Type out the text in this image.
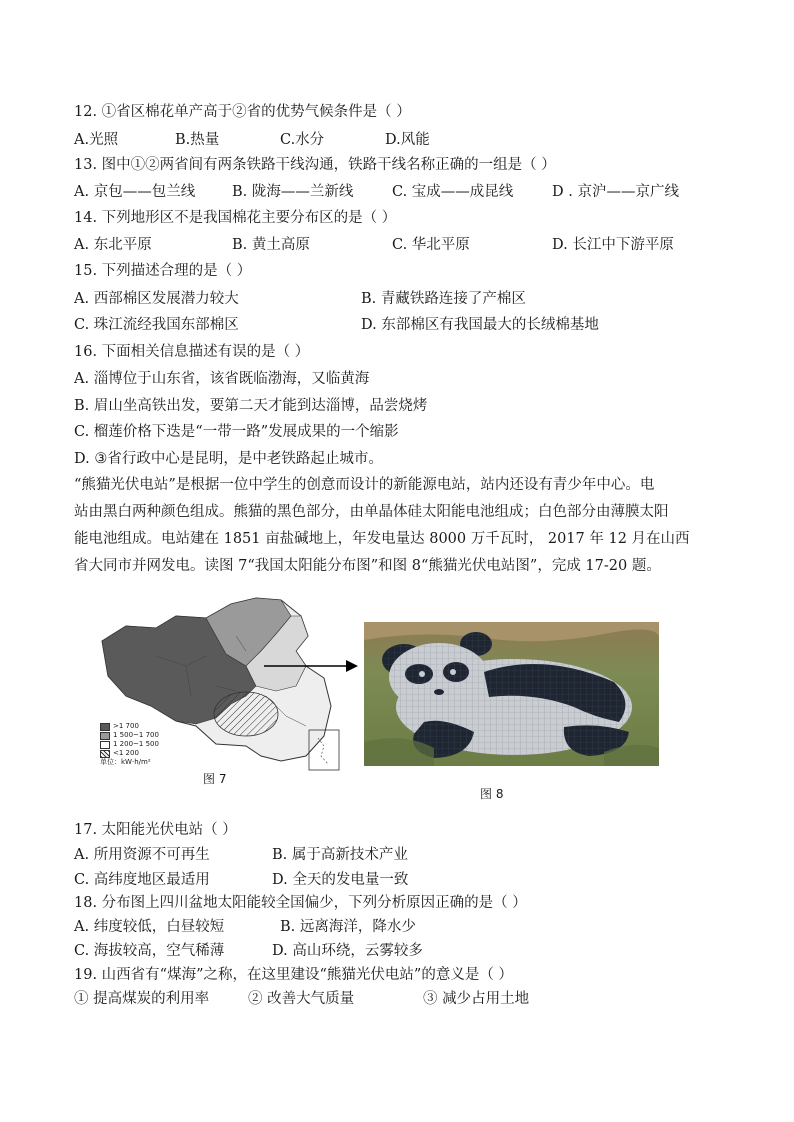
12. ①省区棉花单产高于②省的优势气候条件是（ ）
A.光照	B.热量	C.水分	D.风能
13. 图中①②两省间有两条铁路干线沟通，铁路干线名称正确的一组是（ ）
A. 京包——包兰线	B. 陇海——兰新线	C. 宝成——成昆线	D . 京沪——京广线
14. 下列地形区不是我国棉花主要分布区的是（ ）
A. 东北平原	B. 黄土高原	C. 华北平原	D. 长江中下游平原
15. 下列描述合理的是（ ）
A. 西部棉区发展潜力较大	B. 青藏铁路连接了产棉区
C. 珠江流经我国东部棉区	D. 东部棉区有我国最大的长绒棉基地
16. 下面相关信息描述有误的是（ ）
A. 淄博位于山东省，该省既临渤海，又临黄海
B. 眉山坐高铁出发，要第二天才能到达淄博，品尝烧烤
C. 榴莲价格下迭是“一带一路”发展成果的一个缩影
D. ③省行政中心是昆明，是中老铁路起止城市。
“熊猫光伏电站”是根据一位中学生的创意而设计的新能源电站，站内还设有青少年中心。电
站由黑白两种颜色组成。熊猫的黑色部分，由单晶体硅太阳能电池组成；白色部分由薄膜太阳
能电池组成。电站建在 1851 亩盐碱地上，年发电量达 8000 万千瓦时， 2017 年 12 月在山西
省大同市并网发电。读图 7“我国太阳能分布图”和图 8“熊猫光伏电站图”，完成 17-20 题。
>1 700
1 500~1 700
1 200~1 500
<1 200
单位：kW·h/m²
图 7
图 8
17. 太阳能光伏电站（ ）
A. 所用资源不可再生	B. 属于高新技术产业
C. 高纬度地区最适用	D. 全天的发电量一致
18. 分布图上四川盆地太阳能较全国偏少，下列分析原因正确的是（ ）
A. 纬度较低，白昼较短	B. 远离海洋，降水少
C. 海拔较高，空气稀薄	D. 高山环绕，云雾较多
19. 山西省有“煤海”之称，在这里建设“熊猫光伏电站”的意义是（ ）
① 提高煤炭的利用率	② 改善大气质量	③ 减少占用土地
